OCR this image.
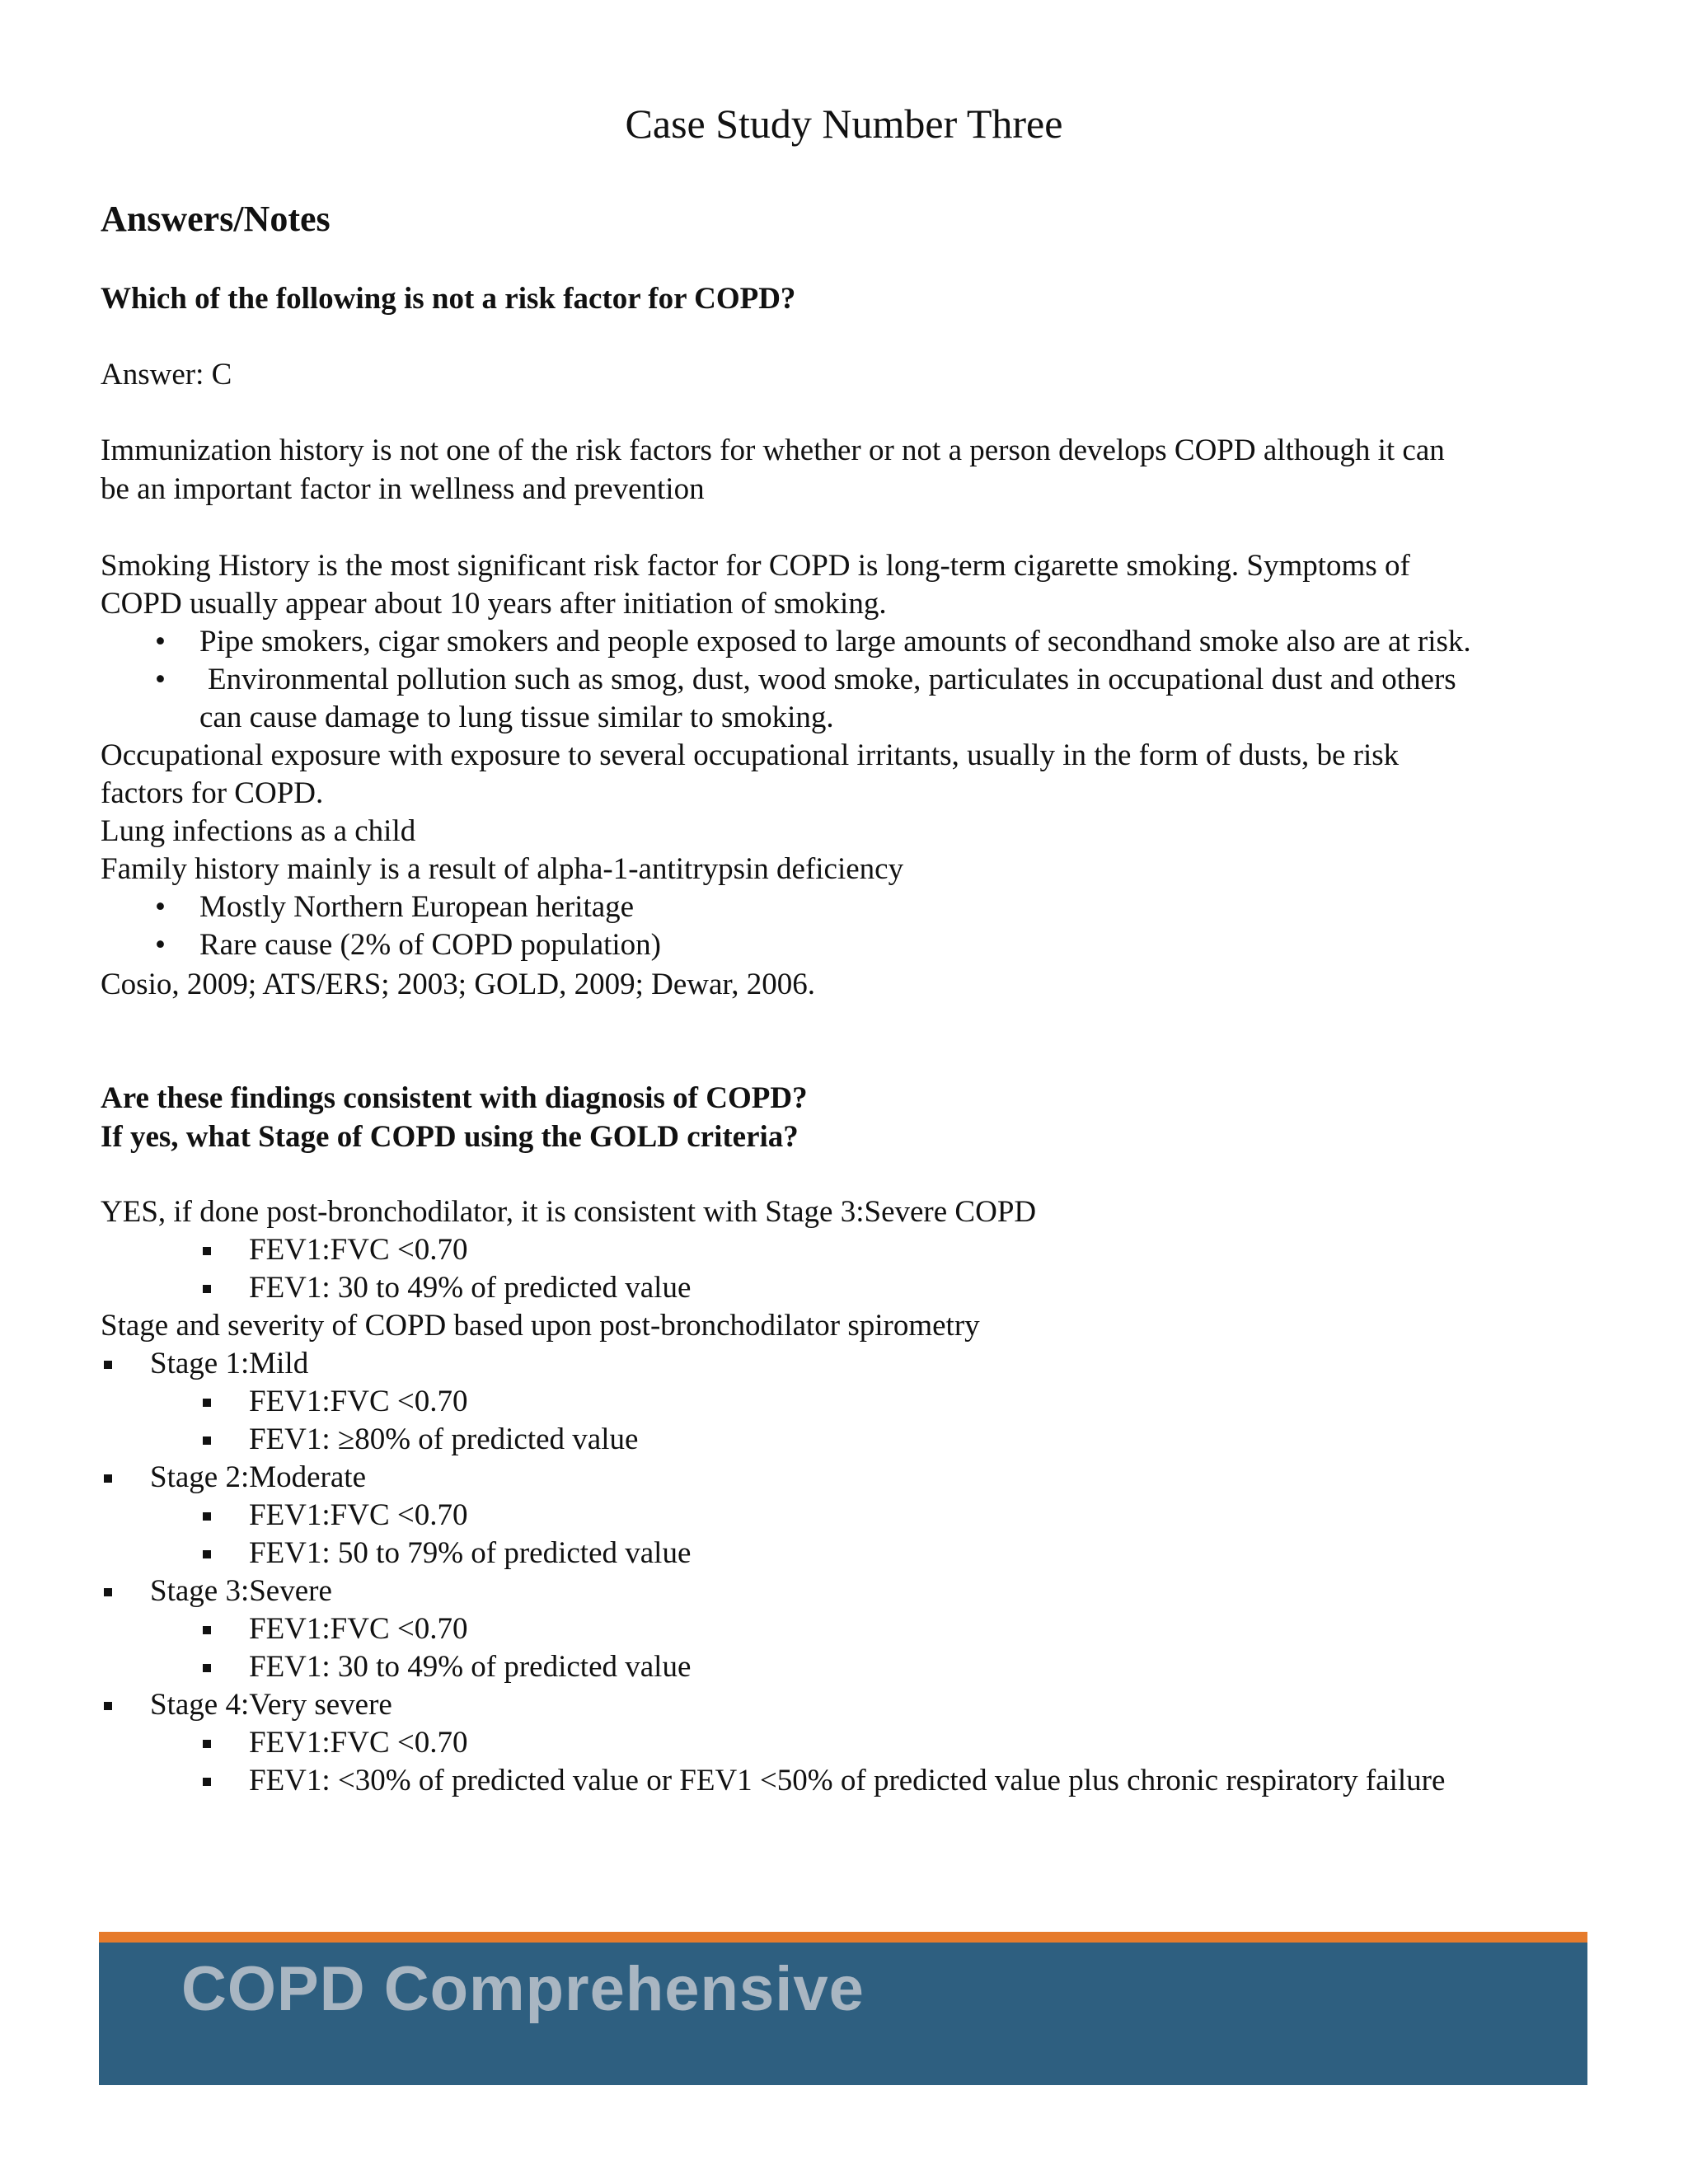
Case Study Number Three
Answers/Notes
Which of the following is not a risk factor for COPD?
Answer: C
Immunization history is not one of the risk factors for whether or not a person develops COPD although it can
be an important factor in wellness and prevention
Smoking History is the most significant risk factor for COPD is long-term cigarette smoking. Symptoms of
COPD usually appear about 10 years after initiation of smoking.
• Pipe smokers, cigar smokers and people exposed to large amounts of secondhand smoke also are at risk.
• Environmental pollution such as smog, dust, wood smoke, particulates in occupational dust and others
can cause damage to lung tissue similar to smoking.
Occupational exposure with exposure to several occupational irritants, usually in the form of dusts, be risk
factors for COPD.
Lung infections as a child
Family history mainly is a result of alpha-1-antitrypsin deficiency
• Mostly Northern European heritage
• Rare cause (2% of COPD population)
Cosio, 2009; ATS/ERS; 2003; GOLD, 2009; Dewar, 2006.
Are these findings consistent with diagnosis of COPD?
If yes, what Stage of COPD using the GOLD criteria?
YES, if done post-bronchodilator, it is consistent with Stage 3:Severe COPD
FEV1:FVC <0.70
FEV1: 30 to 49% of predicted value
Stage and severity of COPD based upon post-bronchodilator spirometry
Stage 1:Mild
FEV1:FVC <0.70
FEV1: ≥80% of predicted value
Stage 2:Moderate
FEV1:FVC <0.70
FEV1: 50 to 79% of predicted value
Stage 3:Severe
FEV1:FVC <0.70
FEV1: 30 to 49% of predicted value
Stage 4:Very severe
FEV1:FVC <0.70
FEV1: <30% of predicted value or FEV1 <50% of predicted value plus chronic respiratory failure
COPD Comprehensive
